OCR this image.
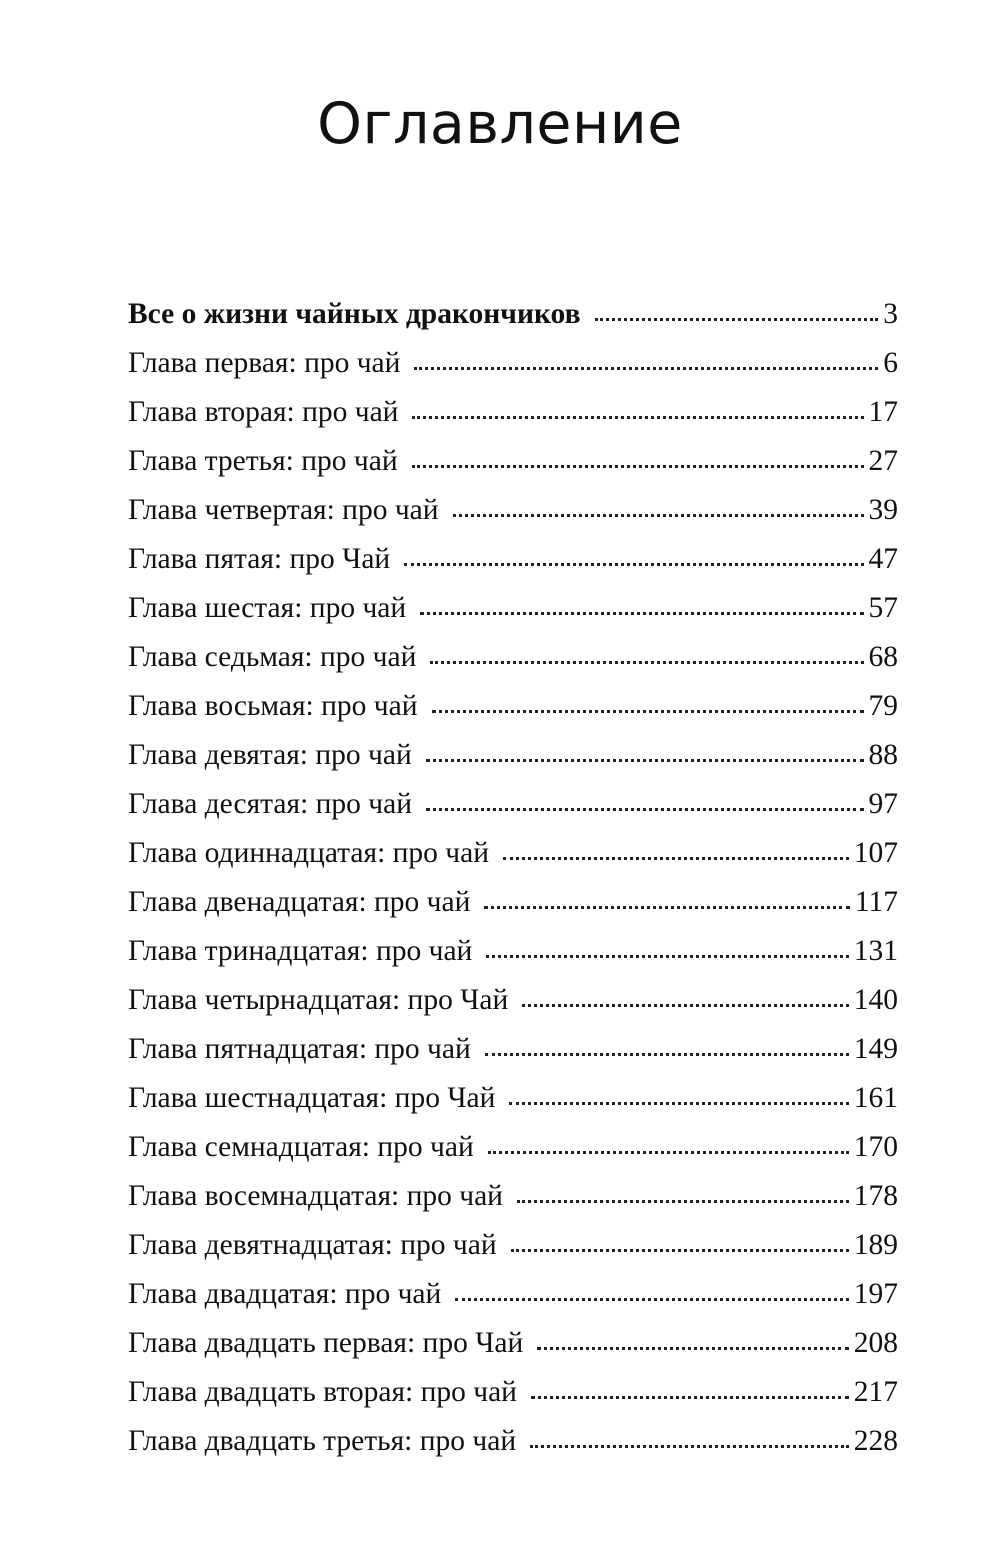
Оглавление
Все о жизни чайных дракончиков	3
Глава первая: про чай	6
Глава вторая: про чай	17
Глава третья: про чай	27
Глава четвертая: про чай	39
Глава пятая: про Чай	47
Глава шестая: про чай	57
Глава седьмая: про чай	68
Глава восьмая: про чай	79
Глава девятая: про чай	88
Глава десятая: про чай	97
Глава одиннадцатая: про чай	107
Глава двенадцатая: про чай	117
Глава тринадцатая: про чай	131
Глава четырнадцатая: про Чай	140
Глава пятнадцатая: про чай	149
Глава шестнадцатая: про Чай	161
Глава семнадцатая: про чай	170
Глава восемнадцатая: про чай	178
Глава девятнадцатая: про чай	189
Глава двадцатая: про чай	197
Глава двадцать первая: про Чай	208
Глава двадцать вторая: про чай	217
Глава двадцать третья: про чай	228
